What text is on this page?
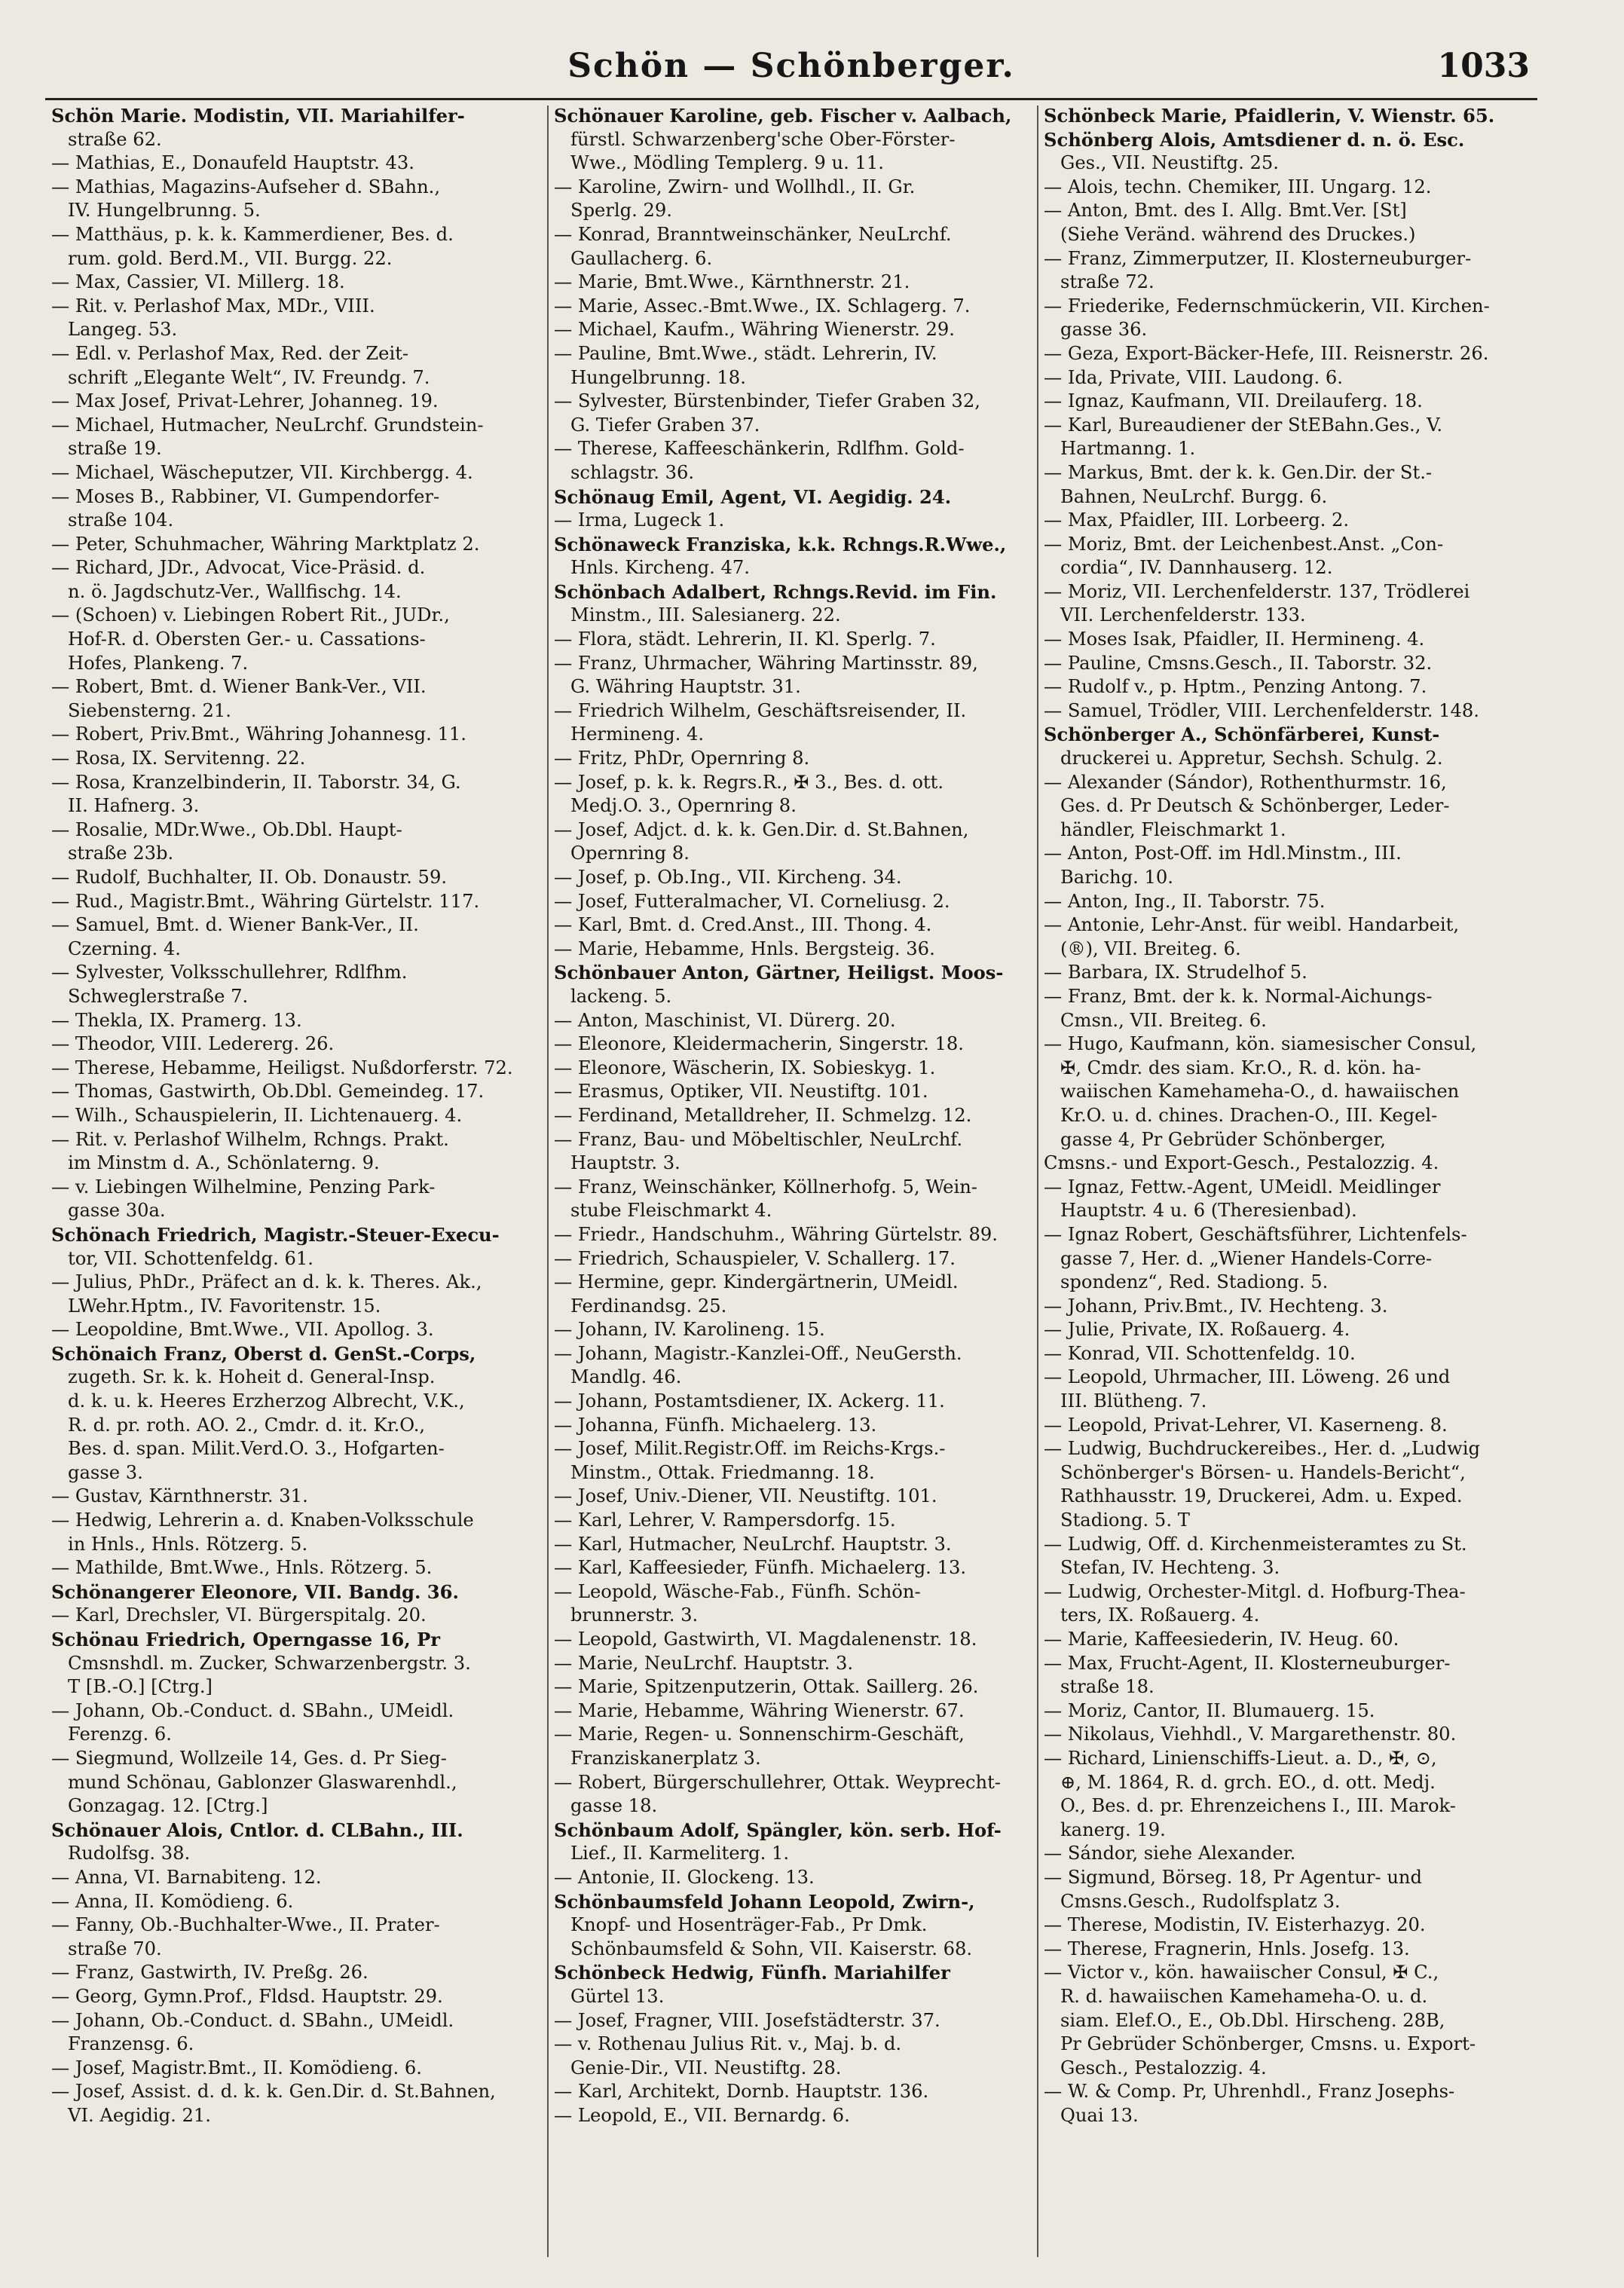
Schön — Schönberger.	1033
Schön Marie. Modistin, VII. Mariahilfer-
straße 62.
— Mathias, E., Donaufeld Hauptstr. 43.
— Mathias, Magazins-Aufseher d. SBahn.,
IV. Hungelbrunng. 5.
— Matthäus, p. k. k. Kammerdiener, Bes. d.
rum. gold. Berd.M., VII. Burgg. 22.
— Max, Cassier, VI. Millerg. 18.
— Rit. v. Perlashof Max, MDr., VIII.
Langeg. 53.
— Edl. v. Perlashof Max, Red. der Zeit-
schrift „Elegante Welt“, IV. Freundg. 7.
— Max Josef, Privat-Lehrer, Johanneg. 19.
— Michael, Hutmacher, NeuLrchf. Grundstein-
straße 19.
— Michael, Wäscheputzer, VII. Kirchbergg. 4.
— Moses B., Rabbiner, VI. Gumpendorfer-
straße 104.
— Peter, Schuhmacher, Währing Marktplatz 2.
— Richard, JDr., Advocat, Vice-Präsid. d.
n. ö. Jagdschutz-Ver., Wallfischg. 14.
— (Schoen) v. Liebingen Robert Rit., JUDr.,
Hof-R. d. Obersten Ger.- u. Cassations-
Hofes, Plankeng. 7.
— Robert, Bmt. d. Wiener Bank-Ver., VII.
Siebensterng. 21.
— Robert, Priv.Bmt., Währing Johannesg. 11.
— Rosa, IX. Servitenng. 22.
— Rosa, Kranzelbinderin, II. Taborstr. 34, G.
II. Hafnerg. 3.
— Rosalie, MDr.Wwe., Ob.Dbl. Haupt-
straße 23b.
— Rudolf, Buchhalter, II. Ob. Donaustr. 59.
— Rud., Magistr.Bmt., Währing Gürtelstr. 117.
— Samuel, Bmt. d. Wiener Bank-Ver., II.
Czerning. 4.
— Sylvester, Volksschullehrer, Rdlfhm.
Schweglerstraße 7.
— Thekla, IX. Pramerg. 13.
— Theodor, VIII. Ledererg. 26.
— Therese, Hebamme, Heiligst. Nußdorferstr. 72.
— Thomas, Gastwirth, Ob.Dbl. Gemeindeg. 17.
— Wilh., Schauspielerin, II. Lichtenauerg. 4.
— Rit. v. Perlashof Wilhelm, Rchngs. Prakt.
im Minstm d. A., Schönlaterng. 9.
— v. Liebingen Wilhelmine, Penzing Park-
gasse 30a.
Schönach Friedrich, Magistr.-Steuer-Execu-
tor, VII. Schottenfeldg. 61.
— Julius, PhDr., Präfect an d. k. k. Theres. Ak.,
LWehr.Hptm., IV. Favoritenstr. 15.
— Leopoldine, Bmt.Wwe., VII. Apollog. 3.
Schönaich Franz, Oberst d. GenSt.-Corps,
zugeth. Sr. k. k. Hoheit d. General-Insp.
d. k. u. k. Heeres Erzherzog Albrecht, V.K.,
R. d. pr. roth. AO. 2., Cmdr. d. it. Kr.O.,
Bes. d. span. Milit.Verd.O. 3., Hofgarten-
gasse 3.
— Gustav, Kärnthnerstr. 31.
— Hedwig, Lehrerin a. d. Knaben-Volksschule
in Hnls., Hnls. Rötzerg. 5.
— Mathilde, Bmt.Wwe., Hnls. Rötzerg. 5.
Schönangerer Eleonore, VII. Bandg. 36.
— Karl, Drechsler, VI. Bürgerspitalg. 20.
Schönau Friedrich, Operngasse 16, Pr
Cmsnshdl. m. Zucker, Schwarzenbergstr. 3.
T [B.-O.] [Ctrg.]
— Johann, Ob.-Conduct. d. SBahn., UMeidl.
Ferenzg. 6.
— Siegmund, Wollzeile 14, Ges. d. Pr Sieg-
mund Schönau, Gablonzer Glaswarenhdl.,
Gonzagag. 12. [Ctrg.]
Schönauer Alois, Cntlor. d. CLBahn., III.
Rudolfsg. 38.
— Anna, VI. Barnabiteng. 12.
— Anna, II. Komödieng. 6.
— Fanny, Ob.-Buchhalter-Wwe., II. Prater-
straße 70.
— Franz, Gastwirth, IV. Preßg. 26.
— Georg, Gymn.Prof., Fldsd. Hauptstr. 29.
— Johann, Ob.-Conduct. d. SBahn., UMeidl.
Franzensg. 6.
— Josef, Magistr.Bmt., II. Komödieng. 6.
— Josef, Assist. d. d. k. k. Gen.Dir. d. St.Bahnen,
VI. Aegidig. 21.
Schönauer Karoline, geb. Fischer v. Aalbach,
fürstl. Schwarzenberg'sche Ober-Förster-
Wwe., Mödling Templerg. 9 u. 11.
— Karoline, Zwirn- und Wollhdl., II. Gr.
Sperlg. 29.
— Konrad, Branntweinschänker, NeuLrchf.
Gaullacherg. 6.
— Marie, Bmt.Wwe., Kärnthnerstr. 21.
— Marie, Assec.-Bmt.Wwe., IX. Schlagerg. 7.
— Michael, Kaufm., Währing Wienerstr. 29.
— Pauline, Bmt.Wwe., städt. Lehrerin, IV.
Hungelbrunng. 18.
— Sylvester, Bürstenbinder, Tiefer Graben 32,
G. Tiefer Graben 37.
— Therese, Kaffeeschänkerin, Rdlfhm. Gold-
schlagstr. 36.
Schönaug Emil, Agent, VI. Aegidig. 24.
— Irma, Lugeck 1.
Schönaweck Franziska, k.k. Rchngs.R.Wwe.,
Hnls. Kircheng. 47.
Schönbach Adalbert, Rchngs.Revid. im Fin.
Minstm., III. Salesianerg. 22.
— Flora, städt. Lehrerin, II. Kl. Sperlg. 7.
— Franz, Uhrmacher, Währing Martinsstr. 89,
G. Währing Hauptstr. 31.
— Friedrich Wilhelm, Geschäftsreisender, II.
Hermineng. 4.
— Fritz, PhDr, Opernring 8.
— Josef, p. k. k. Regrs.R., ✠ 3., Bes. d. ott.
Medj.O. 3., Opernring 8.
— Josef, Adjct. d. k. k. Gen.Dir. d. St.Bahnen,
Opernring 8.
— Josef, p. Ob.Ing., VII. Kircheng. 34.
— Josef, Futteralmacher, VI. Corneliusg. 2.
— Karl, Bmt. d. Cred.Anst., III. Thong. 4.
— Marie, Hebamme, Hnls. Bergsteig. 36.
Schönbauer Anton, Gärtner, Heiligst. Moos-
lackeng. 5.
— Anton, Maschinist, VI. Dürerg. 20.
— Eleonore, Kleidermacherin, Singerstr. 18.
— Eleonore, Wäscherin, IX. Sobieskyg. 1.
— Erasmus, Optiker, VII. Neustiftg. 101.
— Ferdinand, Metalldreher, II. Schmelzg. 12.
— Franz, Bau- und Möbeltischler, NeuLrchf.
Hauptstr. 3.
— Franz, Weinschänker, Köllnerhofg. 5, Wein-
stube Fleischmarkt 4.
— Friedr., Handschuhm., Währing Gürtelstr. 89.
— Friedrich, Schauspieler, V. Schallerg. 17.
— Hermine, gepr. Kindergärtnerin, UMeidl.
Ferdinandsg. 25.
— Johann, IV. Karolineng. 15.
— Johann, Magistr.-Kanzlei-Off., NeuGersth.
Mandlg. 46.
— Johann, Postamtsdiener, IX. Ackerg. 11.
— Johanna, Fünfh. Michaelerg. 13.
— Josef, Milit.Registr.Off. im Reichs-Krgs.-
Minstm., Ottak. Friedmanng. 18.
— Josef, Univ.-Diener, VII. Neustiftg. 101.
— Karl, Lehrer, V. Rampersdorfg. 15.
— Karl, Hutmacher, NeuLrchf. Hauptstr. 3.
— Karl, Kaffeesieder, Fünfh. Michaelerg. 13.
— Leopold, Wäsche-Fab., Fünfh. Schön-
brunnerstr. 3.
— Leopold, Gastwirth, VI. Magdalenenstr. 18.
— Marie, NeuLrchf. Hauptstr. 3.
— Marie, Spitzenputzerin, Ottak. Saillerg. 26.
— Marie, Hebamme, Währing Wienerstr. 67.
— Marie, Regen- u. Sonnenschirm-Geschäft,
Franziskanerplatz 3.
— Robert, Bürgerschullehrer, Ottak. Weyprecht-
gasse 18.
Schönbaum Adolf, Spängler, kön. serb. Hof-
Lief., II. Karmeliterg. 1.
— Antonie, II. Glockeng. 13.
Schönbaumsfeld Johann Leopold, Zwirn-,
Knopf- und Hosenträger-Fab., Pr Dmk.
Schönbaumsfeld & Sohn, VII. Kaiserstr. 68.
Schönbeck Hedwig, Fünfh. Mariahilfer
Gürtel 13.
— Josef, Fragner, VIII. Josefstädterstr. 37.
— v. Rothenau Julius Rit. v., Maj. b. d.
Genie-Dir., VII. Neustiftg. 28.
— Karl, Architekt, Dornb. Hauptstr. 136.
— Leopold, E., VII. Bernardg. 6.
Schönbeck Marie, Pfaidlerin, V. Wienstr. 65.
Schönberg Alois, Amtsdiener d. n. ö. Esc.
Ges., VII. Neustiftg. 25.
— Alois, techn. Chemiker, III. Ungarg. 12.
— Anton, Bmt. des I. Allg. Bmt.Ver. [St]
(Siehe Veränd. während des Druckes.)
— Franz, Zimmerputzer, II. Klosterneuburger-
straße 72.
— Friederike, Federnschmückerin, VII. Kirchen-
gasse 36.
— Geza, Export-Bäcker-Hefe, III. Reisnerstr. 26.
— Ida, Private, VIII. Laudong. 6.
— Ignaz, Kaufmann, VII. Dreilauferg. 18.
— Karl, Bureaudiener der StEBahn.Ges., V.
Hartmanng. 1.
— Markus, Bmt. der k. k. Gen.Dir. der St.-
Bahnen, NeuLrchf. Burgg. 6.
— Max, Pfaidler, III. Lorbeerg. 2.
— Moriz, Bmt. der Leichenbest.Anst. „Con-
cordia“, IV. Dannhauserg. 12.
— Moriz, VII. Lerchenfelderstr. 137, Trödlerei
VII. Lerchenfelderstr. 133.
— Moses Isak, Pfaidler, II. Hermineng. 4.
— Pauline, Cmsns.Gesch., II. Taborstr. 32.
— Rudolf v., p. Hptm., Penzing Antong. 7.
— Samuel, Trödler, VIII. Lerchenfelderstr. 148.
Schönberger A., Schönfärberei, Kunst-
druckerei u. Appretur, Sechsh. Schulg. 2.
— Alexander (Sándor), Rothenthurmstr. 16,
Ges. d. Pr Deutsch & Schönberger, Leder-
händler, Fleischmarkt 1.
— Anton, Post-Off. im Hdl.Minstm., III.
Barichg. 10.
— Anton, Ing., II. Taborstr. 75.
— Antonie, Lehr-Anst. für weibl. Handarbeit,
(®), VII. Breiteg. 6.
— Barbara, IX. Strudelhof 5.
— Franz, Bmt. der k. k. Normal-Aichungs-
Cmsn., VII. Breiteg. 6.
— Hugo, Kaufmann, kön. siamesischer Consul,
✠, Cmdr. des siam. Kr.O., R. d. kön. ha-
waiischen Kamehameha-O., d. hawaiischen
Kr.O. u. d. chines. Drachen-O., III. Kegel-
gasse 4, Pr Gebrüder Schönberger,
Cmsns.- und Export-Gesch., Pestalozzig. 4.
— Ignaz, Fettw.-Agent, UMeidl. Meidlinger
Hauptstr. 4 u. 6 (Theresienbad).
— Ignaz Robert, Geschäftsführer, Lichtenfels-
gasse 7, Her. d. „Wiener Handels-Corre-
spondenz“, Red. Stadiong. 5.
— Johann, Priv.Bmt., IV. Hechteng. 3.
— Julie, Private, IX. Roßauerg. 4.
— Konrad, VII. Schottenfeldg. 10.
— Leopold, Uhrmacher, III. Löweng. 26 und
III. Blütheng. 7.
— Leopold, Privat-Lehrer, VI. Kaserneng. 8.
— Ludwig, Buchdruckereibes., Her. d. „Ludwig
Schönberger's Börsen- u. Handels-Bericht“,
Rathhausstr. 19, Druckerei, Adm. u. Exped.
Stadiong. 5. T
— Ludwig, Off. d. Kirchenmeisteramtes zu St.
Stefan, IV. Hechteng. 3.
— Ludwig, Orchester-Mitgl. d. Hofburg-Thea-
ters, IX. Roßauerg. 4.
— Marie, Kaffeesiederin, IV. Heug. 60.
— Max, Frucht-Agent, II. Klosterneuburger-
straße 18.
— Moriz, Cantor, II. Blumauerg. 15.
— Nikolaus, Viehhdl., V. Margarethenstr. 80.
— Richard, Linienschiffs-Lieut. a. D., ✠, ⊙,
⊕, M. 1864, R. d. grch. EO., d. ott. Medj.
O., Bes. d. pr. Ehrenzeichens I., III. Marok-
kanerg. 19.
— Sándor, siehe Alexander.
— Sigmund, Börseg. 18, Pr Agentur- und
Cmsns.Gesch., Rudolfsplatz 3.
— Therese, Modistin, IV. Eisterhazyg. 20.
— Therese, Fragnerin, Hnls. Josefg. 13.
— Victor v., kön. hawaiischer Consul, ✠ C.,
R. d. hawaiischen Kamehameha-O. u. d.
siam. Elef.O., E., Ob.Dbl. Hirscheng. 28B,
Pr Gebrüder Schönberger, Cmsns. u. Export-
Gesch., Pestalozzig. 4.
— W. & Comp. Pr, Uhrenhdl., Franz Josephs-
Quai 13.
